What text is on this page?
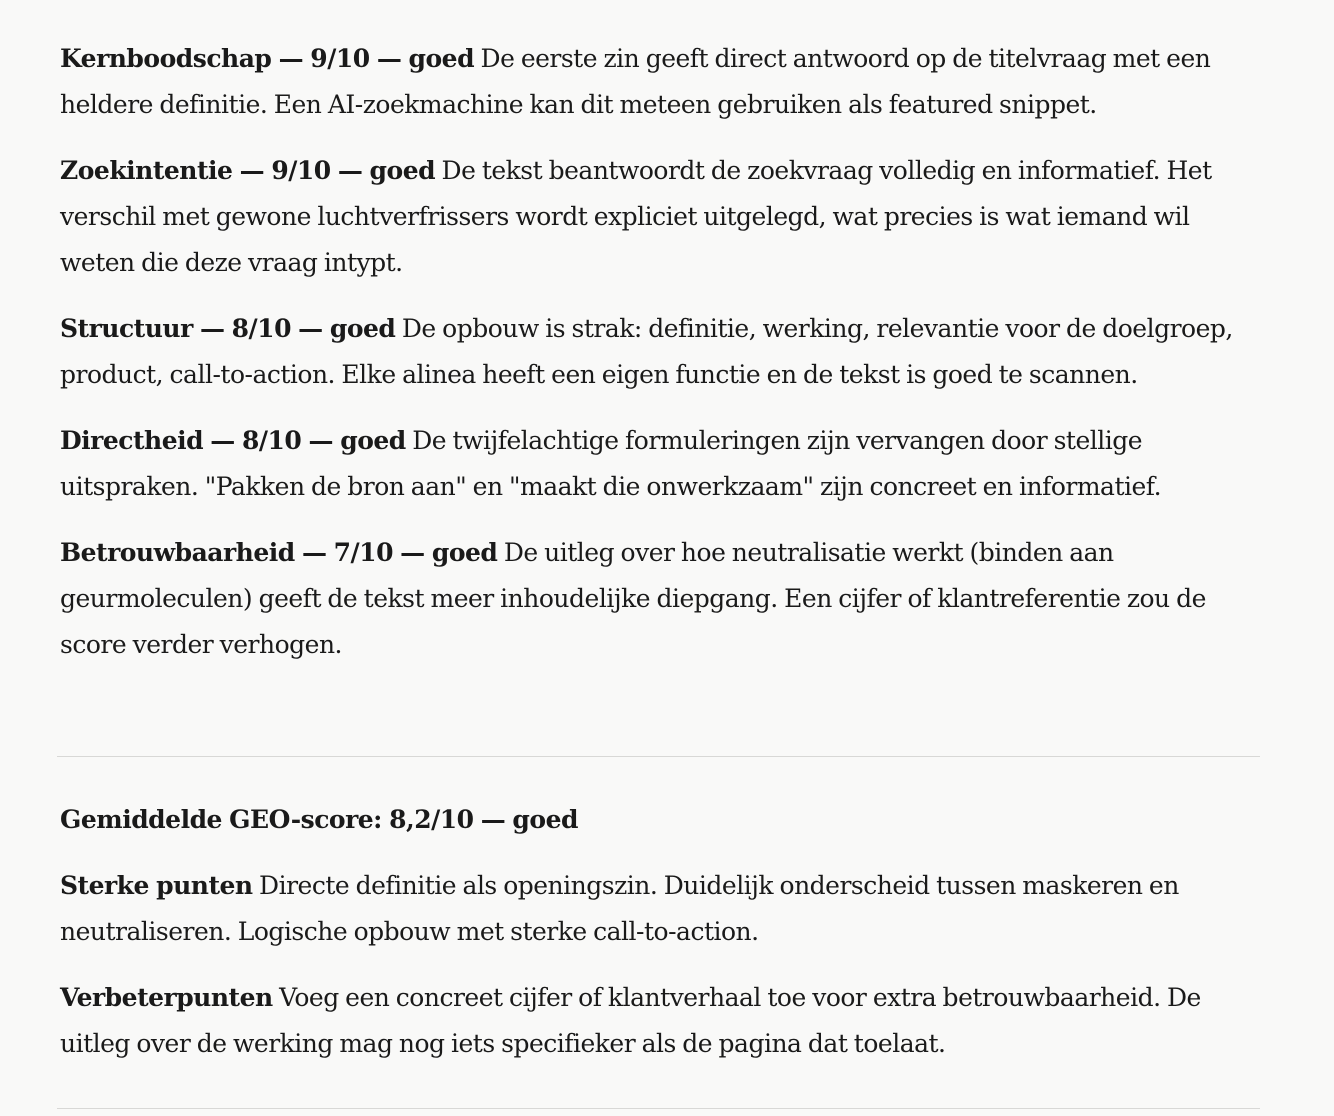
Kernboodschap — 9/10 — goed De eerste zin geeft direct antwoord op de titelvraag met een heldere definitie. Een AI-zoekmachine kan dit meteen gebruiken als featured snippet.

Zoekintentie — 9/10 — goed De tekst beantwoordt de zoekvraag volledig en informatief. Het verschil met gewone luchtverfrissers wordt expliciet uitgelegd, wat precies is wat iemand wil weten die deze vraag intypt.

Structuur — 8/10 — goed De opbouw is strak: definitie, werking, relevantie voor de doelgroep, product, call-to-action. Elke alinea heeft een eigen functie en de tekst is goed te scannen.

Directheid — 8/10 — goed De twijfelachtige formuleringen zijn vervangen door stellige uitspraken. "Pakken de bron aan" en "maakt die onwerkzaam" zijn concreet en informatief.

Betrouwbaarheid — 7/10 — goed De uitleg over hoe neutralisatie werkt (binden aan geurmoleculen) geeft de tekst meer inhoudelijke diepgang. Een cijfer of klantreferentie zou de score verder verhogen.

Gemiddelde GEO-score: 8,2/10 — goed

Sterke punten Directe definitie als openingszin. Duidelijk onderscheid tussen maskeren en neutraliseren. Logische opbouw met sterke call-to-action.

Verbeterpunten Voeg een concreet cijfer of klantverhaal toe voor extra betrouwbaarheid. De uitleg over de werking mag nog iets specifieker als de pagina dat toelaat.
